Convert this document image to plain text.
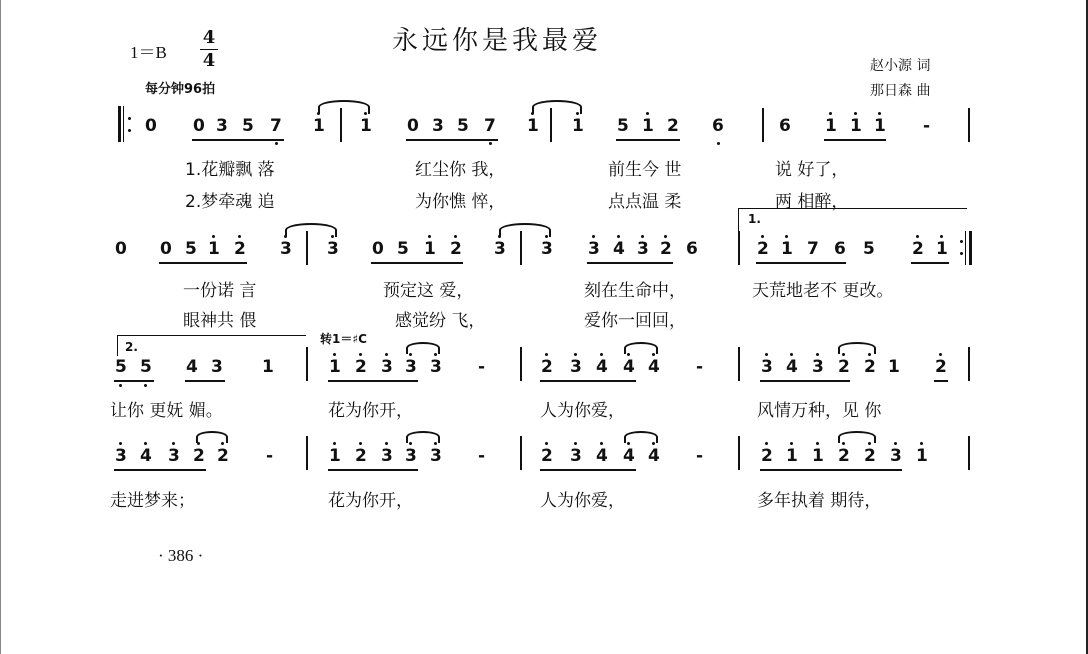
永远你是我最爱
1＝B
4
4
每分钟96拍
赵小源 词
那日森 曲
0 0 3 5 7 1 1 0 3 5 7 1 1 5 1 2 6	6 1 1 1 -
1.花瓣飘 落	红尘你 我，	前生今 世	说 好了，
2.梦牵魂 追	为你憔 悴，	点点温 柔	两 相醉，
1.
0 0 5 1 2 3 3 0 5 1 2 3 3 3 4 3 2 6	2 1 7 6 5 2 1
一份诺 言	预定这 爱，	刻在生命中，	天荒地老不 更改。
眼神共 偎	感觉纷 飞，	爱你一回回，
2.
转1＝♯C
5 5 4 3 1	1 2 3 3 3 -	2 3 4 4 4 -	3 4 3 2 2 1 2
让你 更妩 媚。	花为你开，	人为你爱，	风情万种，见 你
3 4 3 2 2 -	1 2 3 3 3 -	2 3 4 4 4 -	2 1 1 2 2 3 1
走进梦来；	花为你开，	人为你爱，	多年执着 期待，
· 386 ·
